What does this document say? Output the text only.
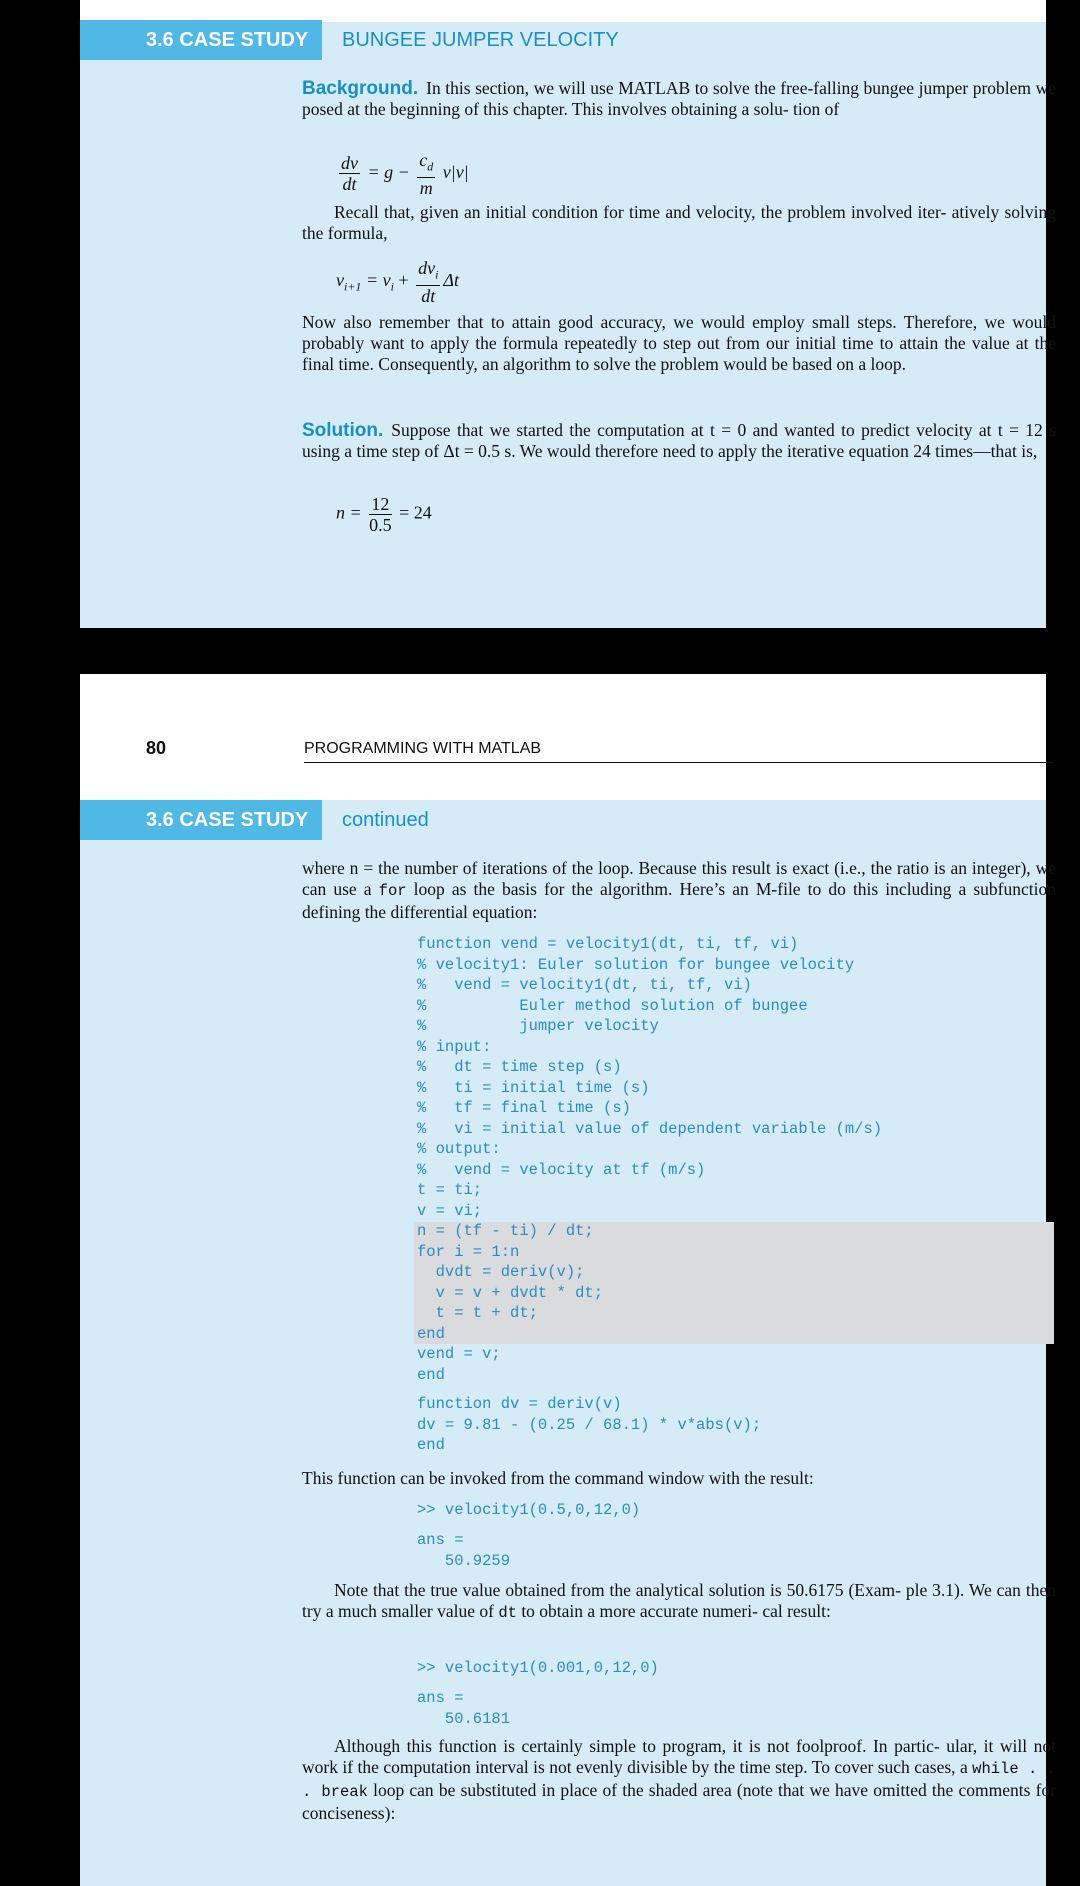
3.6 CASE STUDY	BUNGEE JUMPER VELOCITY
Background. In this section, we will use MATLAB to solve the free-falling bungee jumper problem we posed at the beginning of this chapter. This involves obtaining a solu- tion of
$\frac{dv}{dt} = g - \frac{c_d}{m} v|v|$
Recall that, given an initial condition for time and velocity, the problem involved iter- atively solving the formula,
$v_{i+1} = v_i + \frac{dv_i}{dt}$ Δt
Now also remember that to attain good accuracy, we would employ small steps. Therefore, we would probably want to apply the formula repeatedly to step out from our initial time to attain the value at the final time. Consequently, an algorithm to solve the problem would be based on a loop.
Solution. Suppose that we started the computation at t = 0 and wanted to predict velocity at t = 12 s using a time step of Δt = 0.5 s. We would therefore need to apply the iterative equation 24 times—that is,
$n = \frac{12}{0.5} = 24$
80	PROGRAMMING WITH MATLAB
3.6 CASE STUDY	continued
where n = the number of iterations of the loop. Because this result is exact (i.e., the ratio is an integer), we can use a for loop as the basis for the algorithm. Here’s an M-file to do this including a subfunction defining the differential equation:
function vend = velocity1(dt, ti, tf, vi)
% velocity1: Euler solution for bungee velocity
%   vend = velocity1(dt, ti, tf, vi)
%          Euler method solution of bungee
%          jumper velocity
% input:
%   dt = time step (s)
%   ti = initial time (s)
%   tf = final time (s)
%   vi = initial value of dependent variable (m/s)
% output:
%   vend = velocity at tf (m/s)
t = ti;
v = vi;
n = (tf - ti) / dt;
for i = 1:n
dvdt = deriv(v);
v = v + dvdt * dt;
t = t + dt;
end
vend = v;
end
function dv = deriv(v)
dv = 9.81 - (0.25 / 68.1) * v*abs(v);
end
This function can be invoked from the command window with the result:
>> velocity1(0.5,0,12,0)
ans =
50.9259
Note that the true value obtained from the analytical solution is 50.6175 (Exam- ple 3.1). We can then try a much smaller value of dt to obtain a more accurate numeri- cal result:
>> velocity1(0.001,0,12,0)
ans =
50.6181
Although this function is certainly simple to program, it is not foolproof. In partic- ular, it will not work if the computation interval is not evenly divisible by the time step. To cover such cases, a while . . . break loop can be substituted in place of the shaded area (note that we have omitted the comments for conciseness):
